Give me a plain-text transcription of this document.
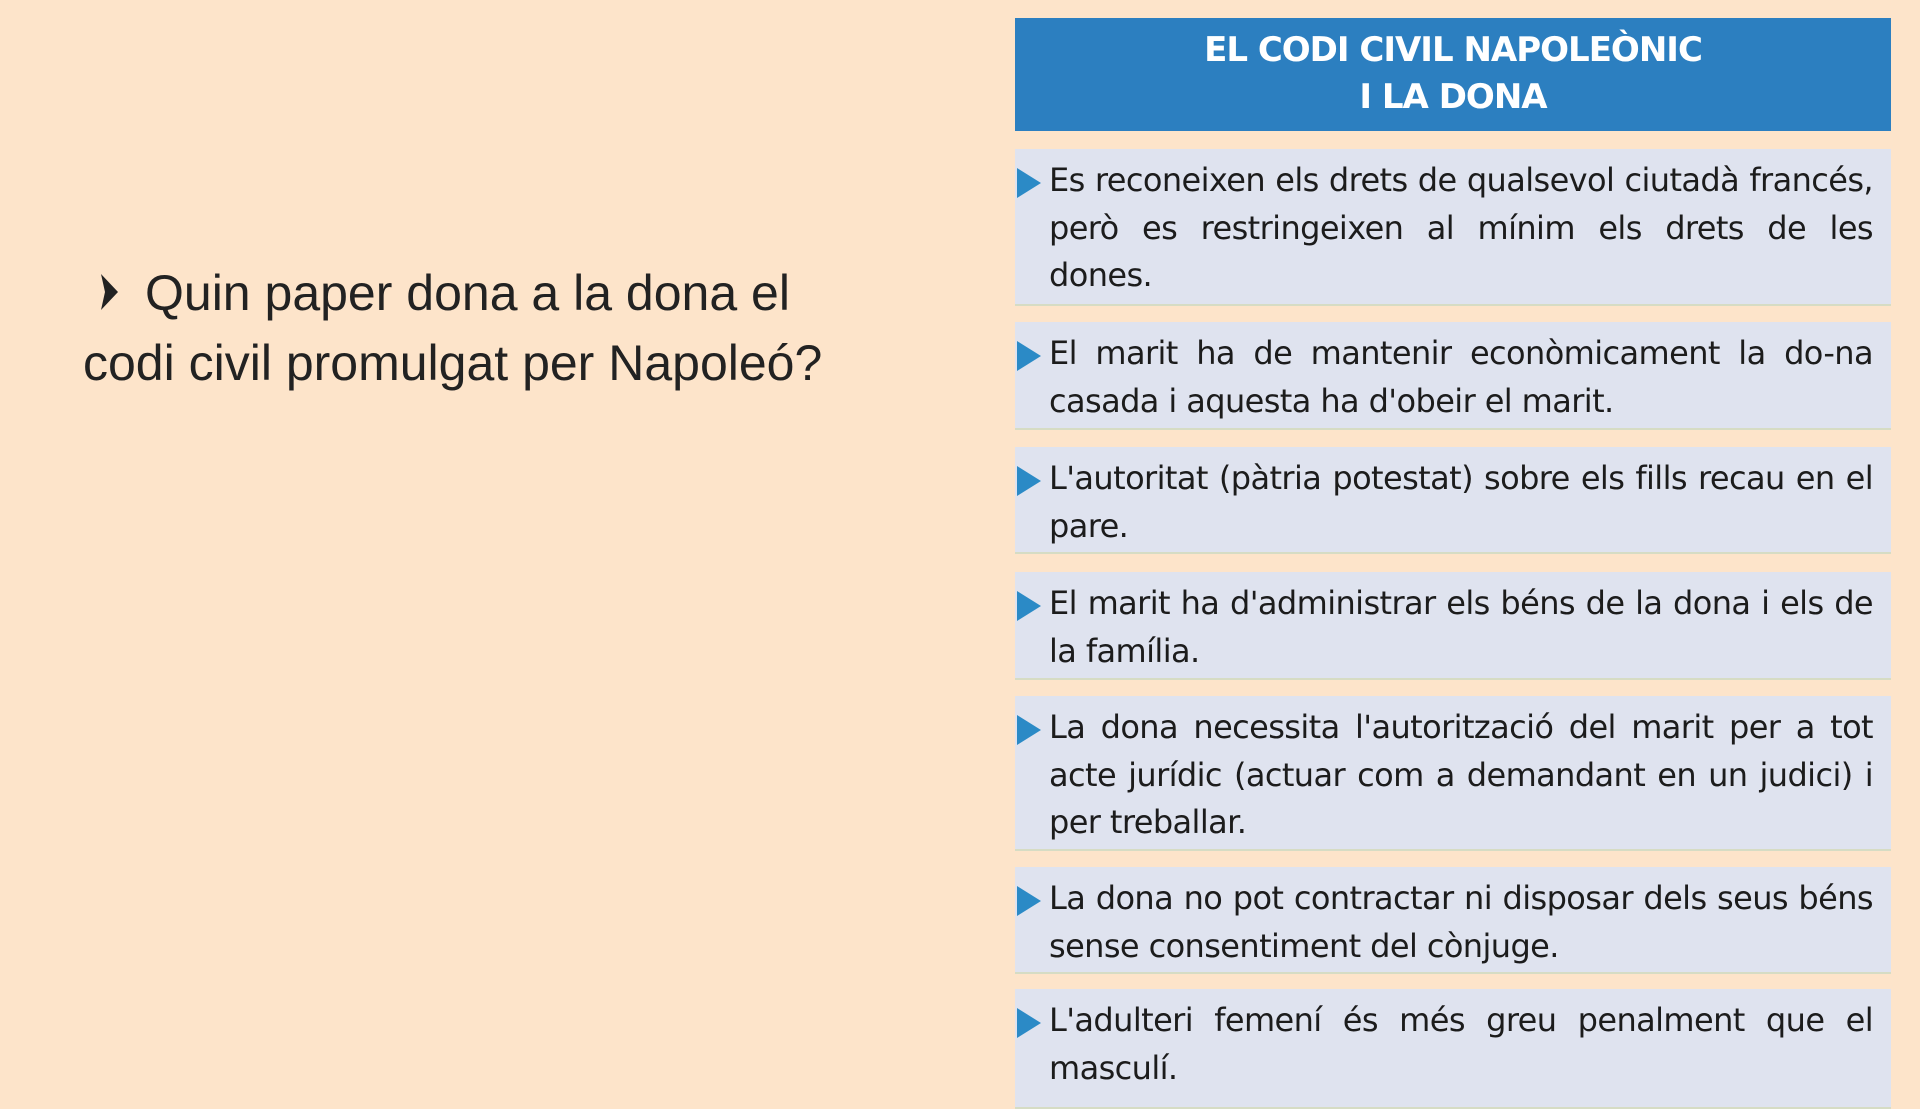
Quin paper dona a la dona el codi civil promulgat per Napoleó?
EL CODI CIVIL NAPOLEÒNIC
I LA DONA
Es reconeixen els drets de qualsevol ciutadà francés, però es restringeixen al mínim els drets de les dones.
El marit ha de mantenir econòmicament la do-na casada i aquesta ha d'obeir el marit.
L'autoritat (pàtria potestat) sobre els fills recau en el pare.
El marit ha d'administrar els béns de la dona i els de la família.
La dona necessita l'autorització del marit per a tot acte jurídic (actuar com a demandant en un judici) i per treballar.
La dona no pot contractar ni disposar dels seus béns sense consentiment del cònjuge.
L'adulteri femení és més greu penalment que el masculí.
